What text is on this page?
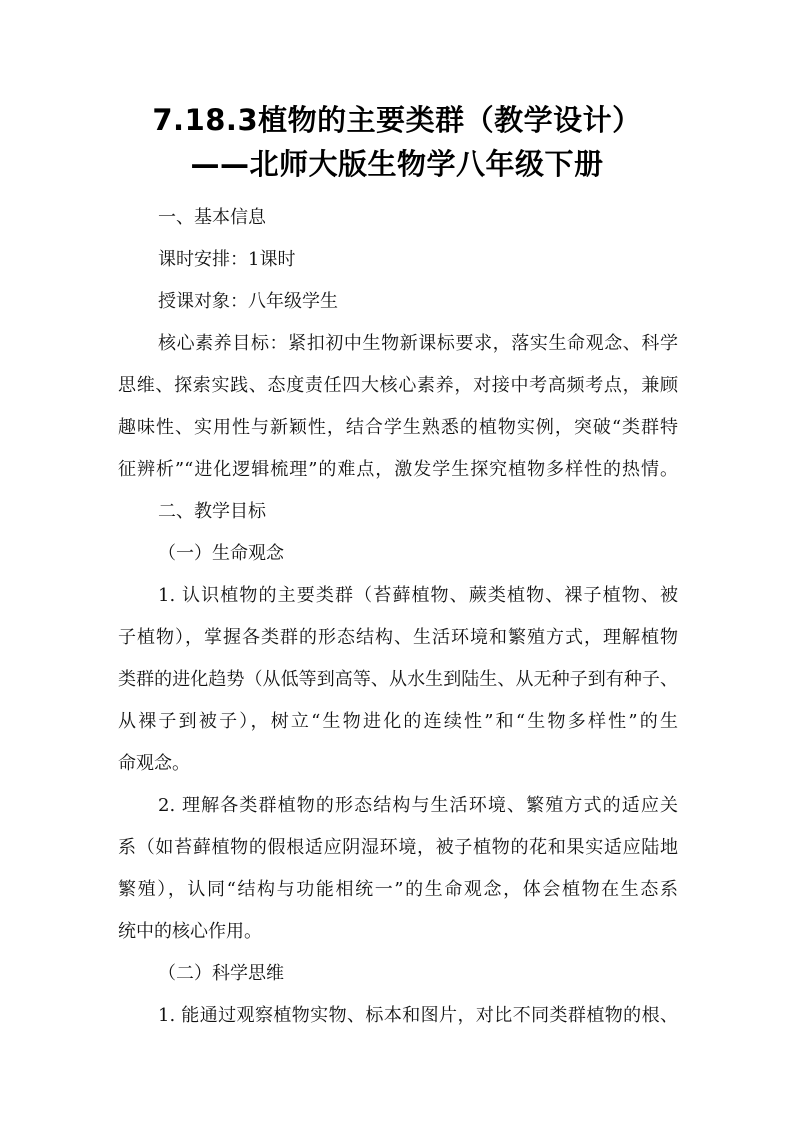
7.18.3植物的主要类群（教学设计）
——北师大版生物学八年级下册
一、基本信息
课时安排：1课时
授课对象：八年级学生
核心素养目标：紧扣初中生物新课标要求，落实生命观念、科学
思维、探索实践、态度责任四大核心素养，对接中考高频考点，兼顾
趣味性、实用性与新颖性，结合学生熟悉的植物实例，突破“类群特
征辨析”“进化逻辑梳理”的难点，激发学生探究植物多样性的热情。
二、教学目标
（一）生命观念
1. 认识植物的主要类群（苔藓植物、蕨类植物、裸子植物、被
子植物），掌握各类群的形态结构、生活环境和繁殖方式，理解植物
类群的进化趋势（从低等到高等、从水生到陆生、从无种子到有种子、
从裸子到被子），树立“生物进化的连续性”和“生物多样性”的生
命观念。
2. 理解各类群植物的形态结构与生活环境、繁殖方式的适应关
系（如苔藓植物的假根适应阴湿环境，被子植物的花和果实适应陆地
繁殖），认同“结构与功能相统一”的生命观念，体会植物在生态系
统中的核心作用。
（二）科学思维
1. 能通过观察植物实物、标本和图片，对比不同类群植物的根、
